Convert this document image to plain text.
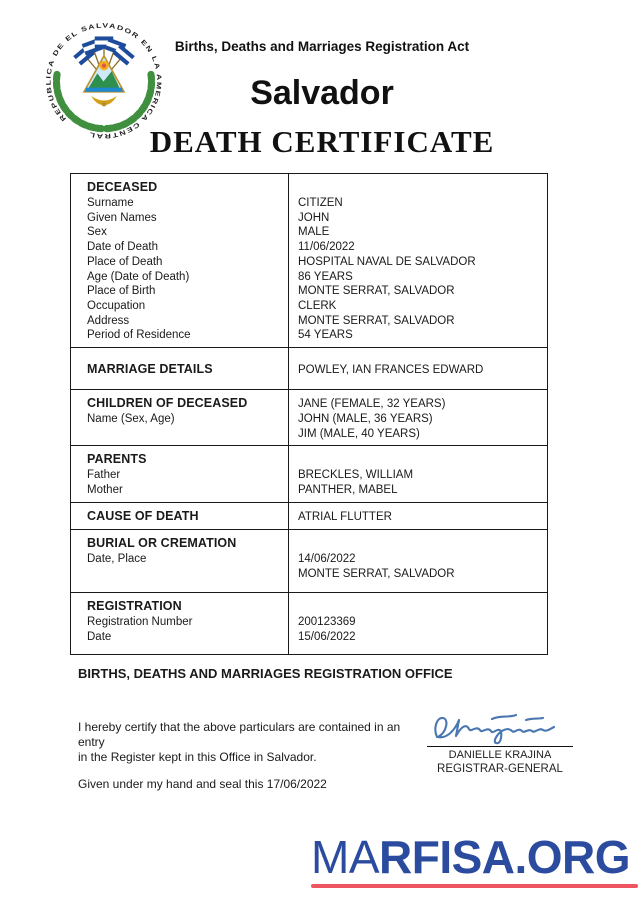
REPUBLICA DE EL SALVADOR EN LA AMERICA CENTRAL
Births, Deaths and Marriages Registration Act
Salvador
DEATH CERTIFICATE
DECEASED
Surname	CITIZEN
Given Names	JOHN
Sex	MALE
Date of Death	11/06/2022
Place of Death	HOSPITAL NAVAL DE SALVADOR
Age (Date of Death)	86 YEARS
Place of Birth	MONTE SERRAT, SALVADOR
Occupation	CLERK
Address	MONTE SERRAT, SALVADOR
Period of Residence	54 YEARS
MARRIAGE DETAILS	POWLEY, IAN FRANCES EDWARD
CHILDREN OF DECEASED	JANE (FEMALE, 32 YEARS)
Name (Sex, Age)	JOHN (MALE, 36 YEARS)
JIM (MALE, 40 YEARS)
PARENTS
Father	BRECKLES, WILLIAM
Mother	PANTHER, MABEL
CAUSE OF DEATH	ATRIAL FLUTTER
BURIAL OR CREMATION
Date, Place	14/06/2022
MONTE SERRAT, SALVADOR
REGISTRATION
Registration Number	200123369
Date	15/06/2022
BIRTHS, DEATHS AND MARRIAGES REGISTRATION OFFICE
I hereby certify that the above particulars are contained in an entry
in the Register kept in this Office in Salvador.
Given under my hand and seal this 17/06/2022
DANIELLE KRAJINA
REGISTRAR-GENERAL
MARFISA.ORG
